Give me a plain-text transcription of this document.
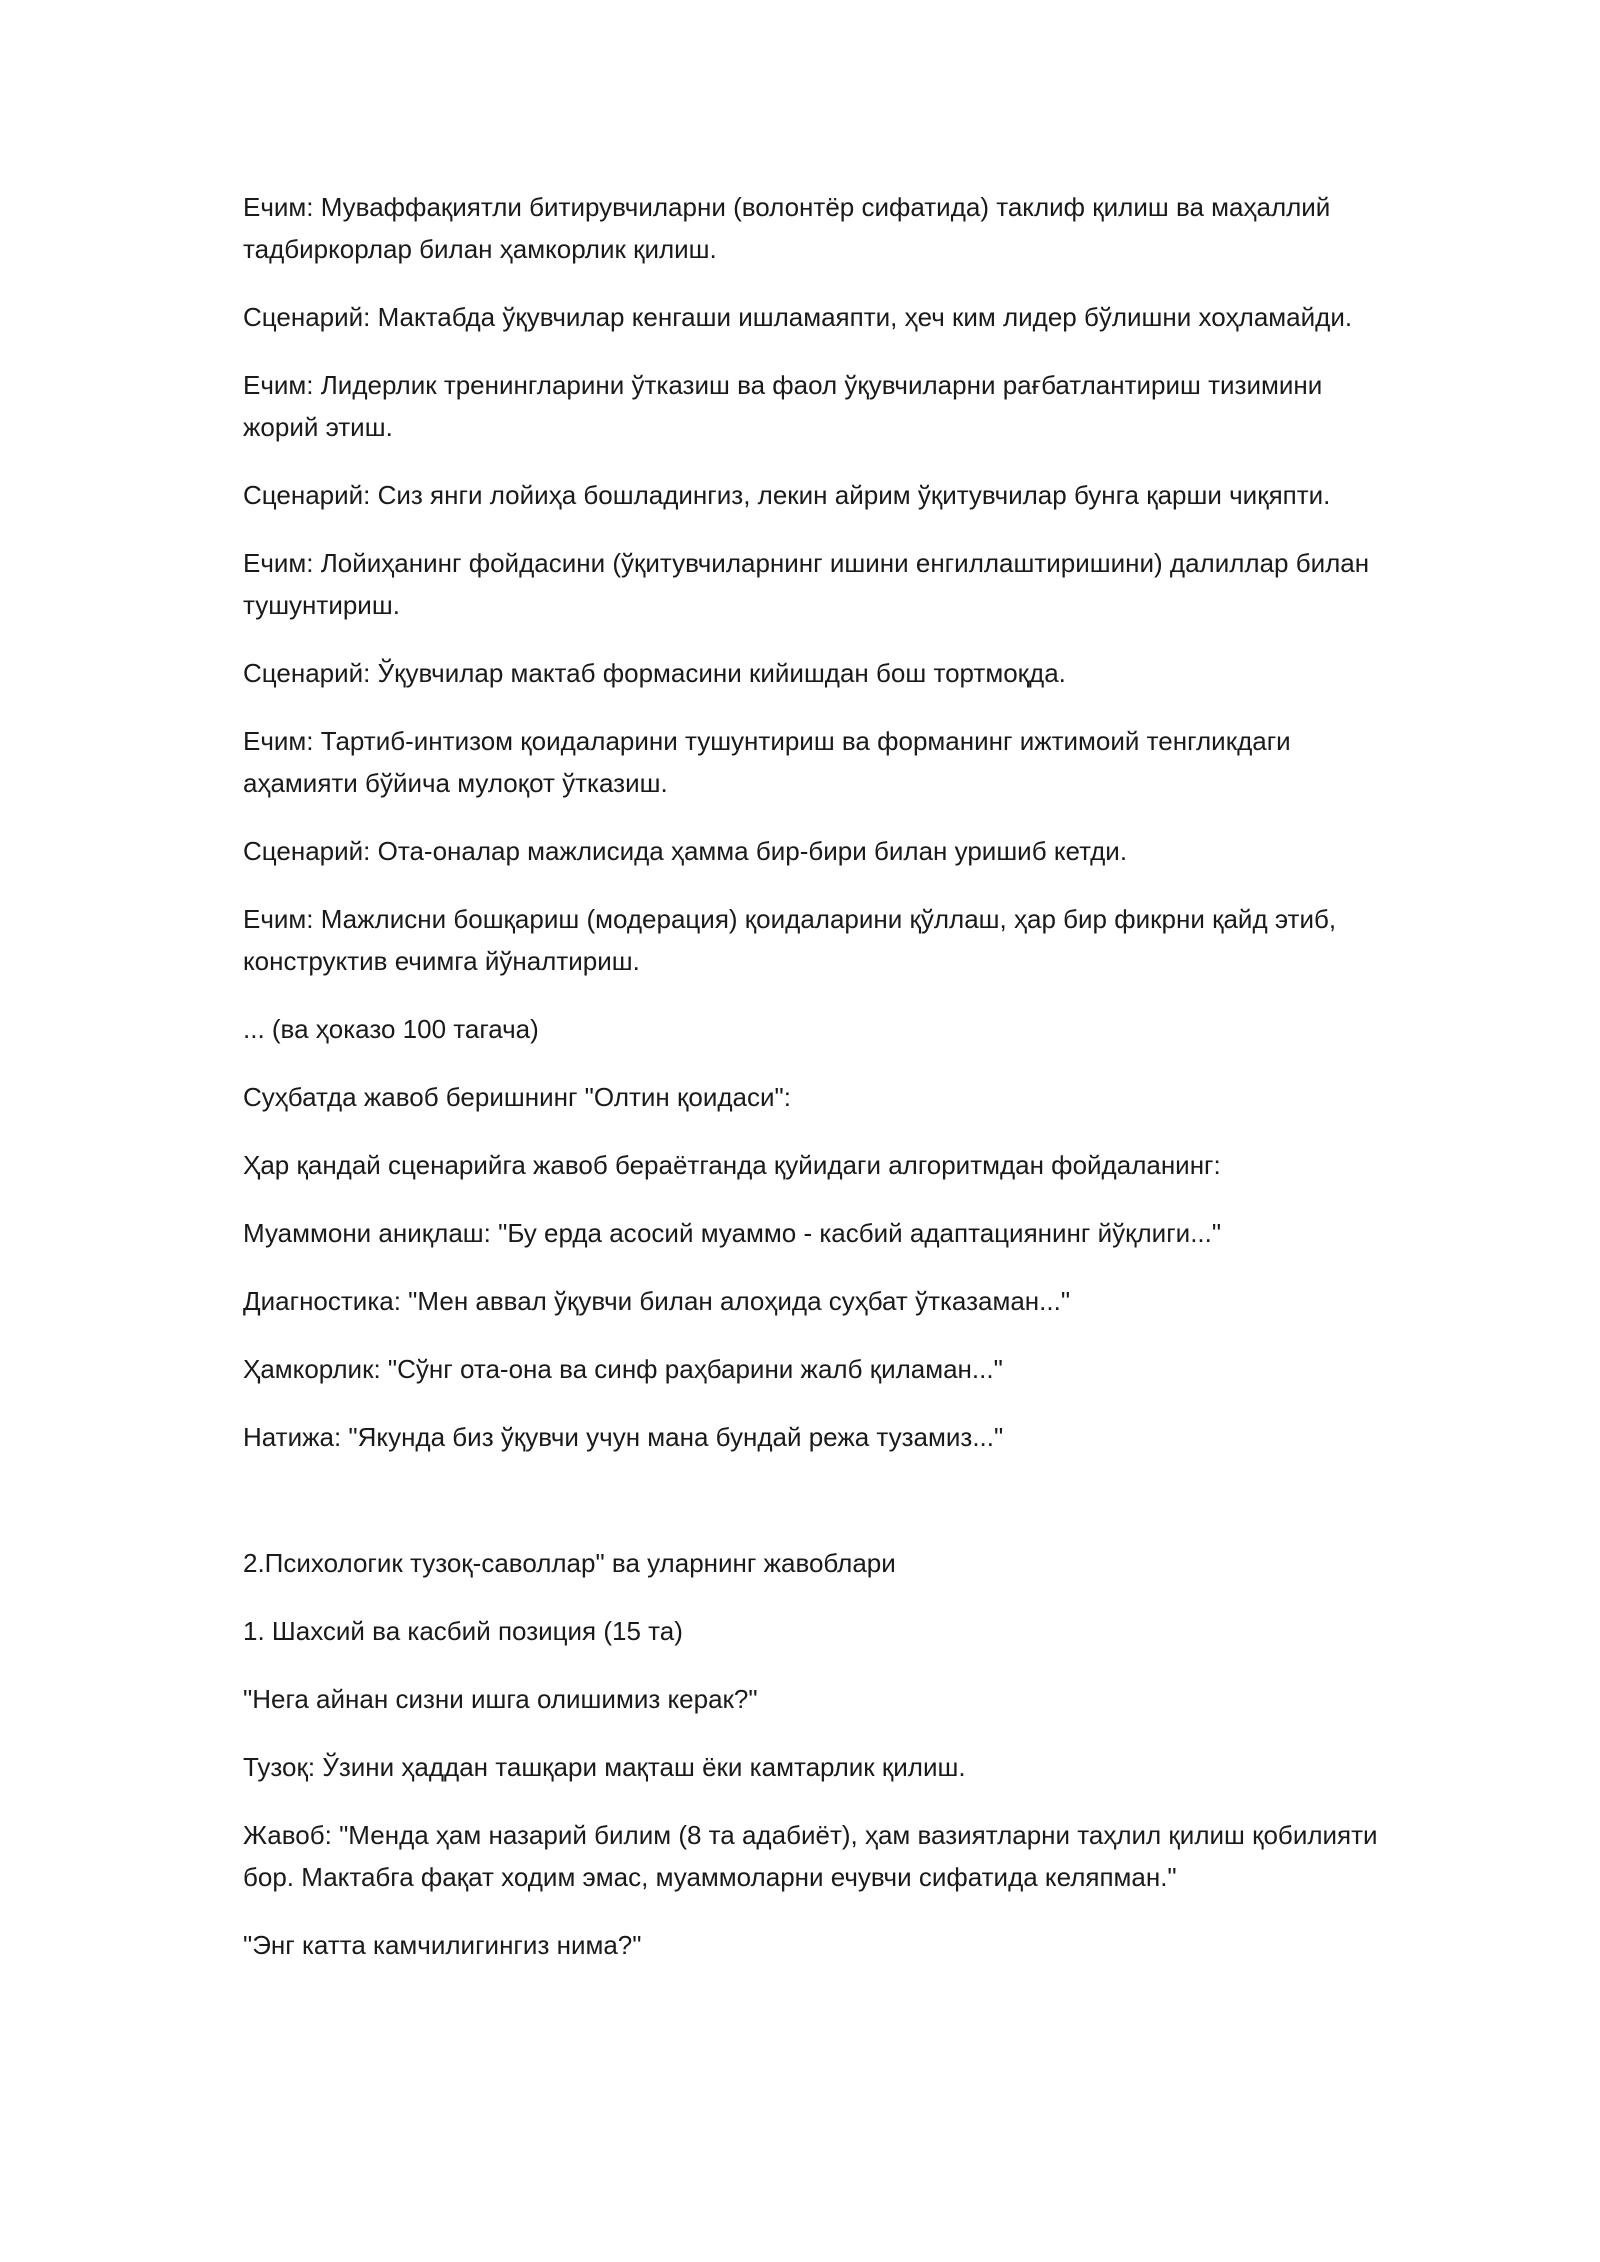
Ечим: Муваффақиятли битирувчиларни (волонтёр сифатида) таклиф қилиш ва маҳаллий тадбиркорлар билан ҳамкорлик қилиш.

Сценарий: Мактабда ўқувчилар кенгаши ишламаяпти, ҳеч ким лидер бўлишни хоҳламайди.

Ечим: Лидерлик тренингларини ўтказиш ва фаол ўқувчиларни рағбатлантириш тизимини жорий этиш.

Сценарий: Сиз янги лойиҳа бошладингиз, лекин айрим ўқитувчилар бунга қарши чиқяпти.

Ечим: Лойиҳанинг фойдасини (ўқитувчиларнинг ишини енгиллаштиришини) далиллар билан тушунтириш.

Сценарий: Ўқувчилар мактаб формасини кийишдан бош тортмоқда.

Ечим: Тартиб-интизом қоидаларини тушунтириш ва форманинг ижтимоий тенгликдаги аҳамияти бўйича мулоқот ўтказиш.

Сценарий: Ота-оналар мажлисида ҳамма бир-бири билан уришиб кетди.

Ечим: Мажлисни бошқариш (модерация) қоидаларини қўллаш, ҳар бир фикрни қайд этиб, конструктив ечимга йўналтириш.

... (ва ҳоказо 100 тагача)

Суҳбатда жавоб беришнинг "Олтин қоидаси":

Ҳар қандай сценарийга жавоб бераётганда қуйидаги алгоритмдан фойдаланинг:

Муаммони аниқлаш: "Бу ерда асосий муаммо - касбий адаптациянинг йўқлиги..."

Диагностика: "Мен аввал ўқувчи билан алоҳида суҳбат ўтказаман..."

Ҳамкорлик: "Сўнг ота-она ва синф раҳбарини жалб қиламан..."

Натижа: "Якунда биз ўқувчи учун мана бундай режа тузамиз..."

2.Психологик тузоқ-саволлар" ва уларнинг жавоблари

1. Шахсий ва касбий позиция (15 та)

"Нега айнан сизни ишга олишимиз керак?"

Тузоқ: Ўзини ҳаддан ташқари мақташ ёки камтарлик қилиш.

Жавоб: "Менда ҳам назарий билим (8 та адабиёт), ҳам вазиятларни таҳлил қилиш қобилияти бор. Мактабга фақат ходим эмас, муаммоларни ечувчи сифатида келяпман."

"Энг катта камчилигингиз нима?"
